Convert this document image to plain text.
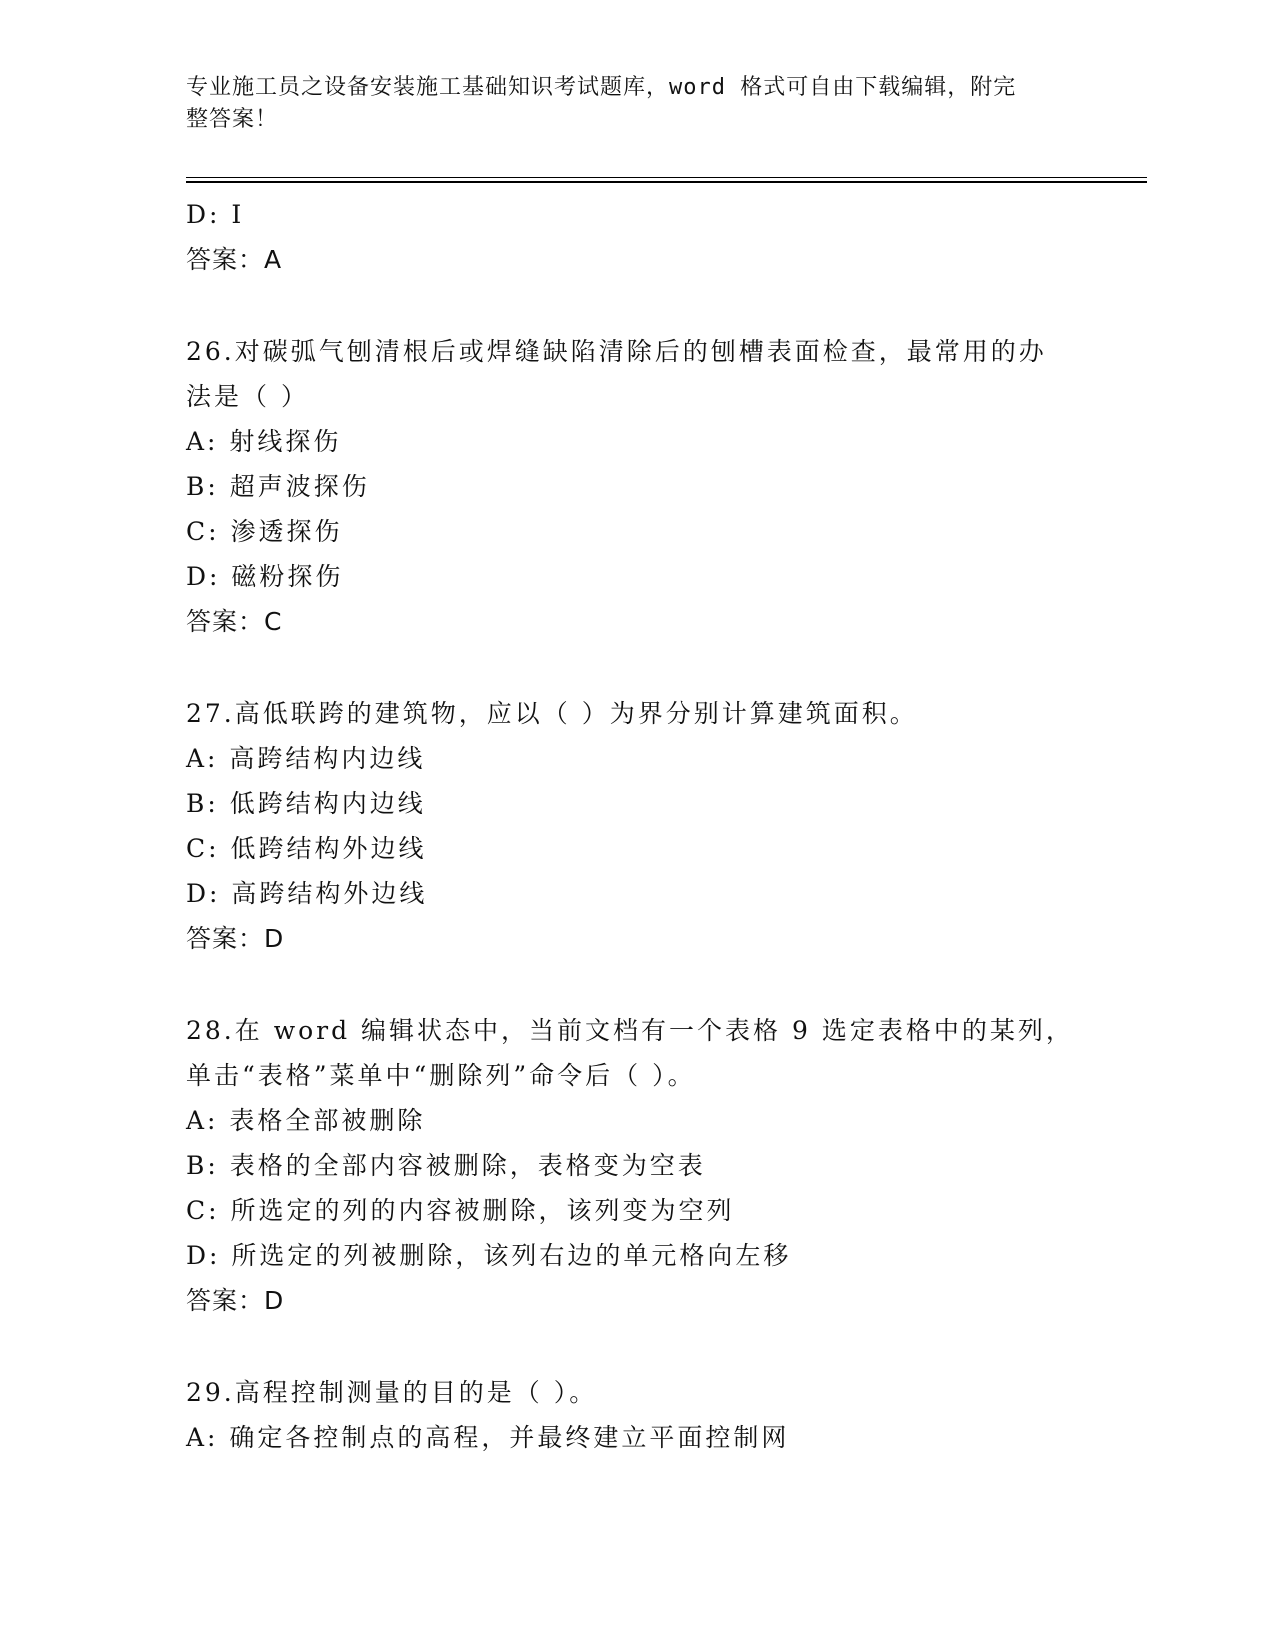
专业施工员之设备安装施工基础知识考试题库，word 格式可自由下载编辑，附完
整答案！
D: I
答案：A
26.对碳弧气刨清根后或焊缝缺陷清除后的刨槽表面检查，最常用的办
法是（ ）
A: 射线探伤
B: 超声波探伤
C: 渗透探伤
D: 磁粉探伤
答案：C
27.高低联跨的建筑物，应以（ ）为界分别计算建筑面积。
A: 高跨结构内边线
B: 低跨结构内边线
C: 低跨结构外边线
D: 高跨结构外边线
答案：D
28.在 word 编辑状态中，当前文档有一个表格 9 选定表格中的某列，
单击“表格”菜单中“删除列”命令后（ ）。
A: 表格全部被删除
B: 表格的全部内容被删除，表格变为空表
C: 所选定的列的内容被删除，该列变为空列
D: 所选定的列被删除，该列右边的单元格向左移
答案：D
29.高程控制测量的目的是（ ）。
A: 确定各控制点的高程，并最终建立平面控制网
